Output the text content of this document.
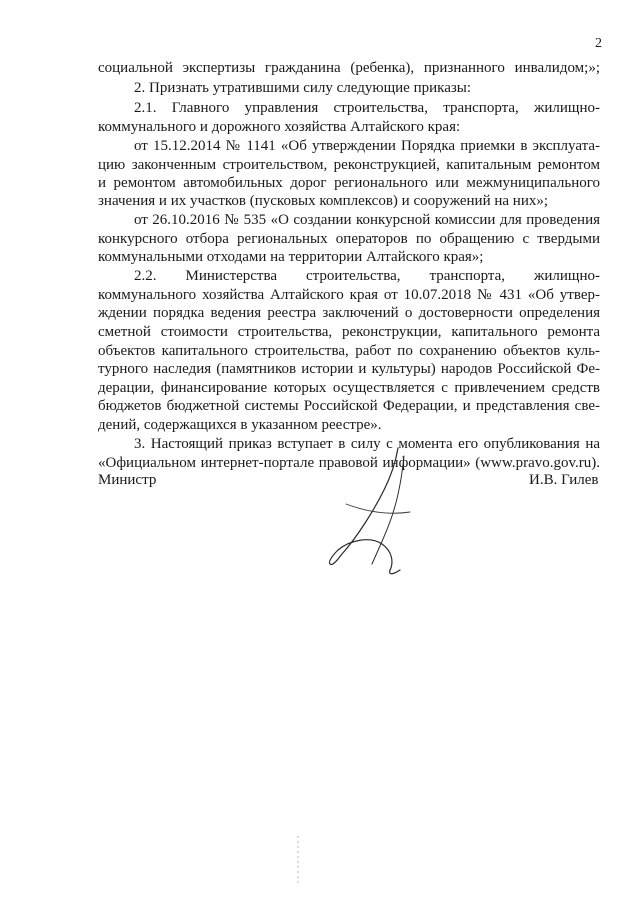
2

социальной экспертизы гражданина (ребенка), признанного инвалидом;»;

2. Признать утратившими силу следующие приказы:

2.1. Главного управления строительства, транспорта, жилищно-

коммунального и дорожного хозяйства Алтайского края:

от 15.12.2014 № 1141 «Об утверждении Порядка приемки в эксплуата-

цию законченным строительством, реконструкцией, капитальным ремонтом

и ремонтом автомобильных дорог регионального или межмуниципального

значения и их участков (пусковых комплексов) и сооружений на них»;

от 26.10.2016 № 535 «О создании конкурсной комиссии для проведения

конкурсного отбора региональных операторов по обращению с твердыми

коммунальными отходами на территории Алтайского края»;

2.2. Министерства строительства, транспорта, жилищно-

коммунального хозяйства Алтайского края от 10.07.2018 № 431 «Об утвер-

ждении порядка ведения реестра заключений о достоверности определения

сметной стоимости строительства, реконструкции, капитального ремонта

объектов капитального строительства, работ по сохранению объектов куль-

турного наследия (памятников истории и культуры) народов Российской Фе-

дерации, финансирование которых осуществляется с привлечением средств

бюджетов бюджетной системы Российской Федерации, и представления све-

дений, содержащихся в указанном реестре».

3. Настоящий приказ вступает в силу с момента его опубликования на

«Официальном интернет-портале правовой информации» (www.pravo.gov.ru).

Министр	И.В. Гилев
